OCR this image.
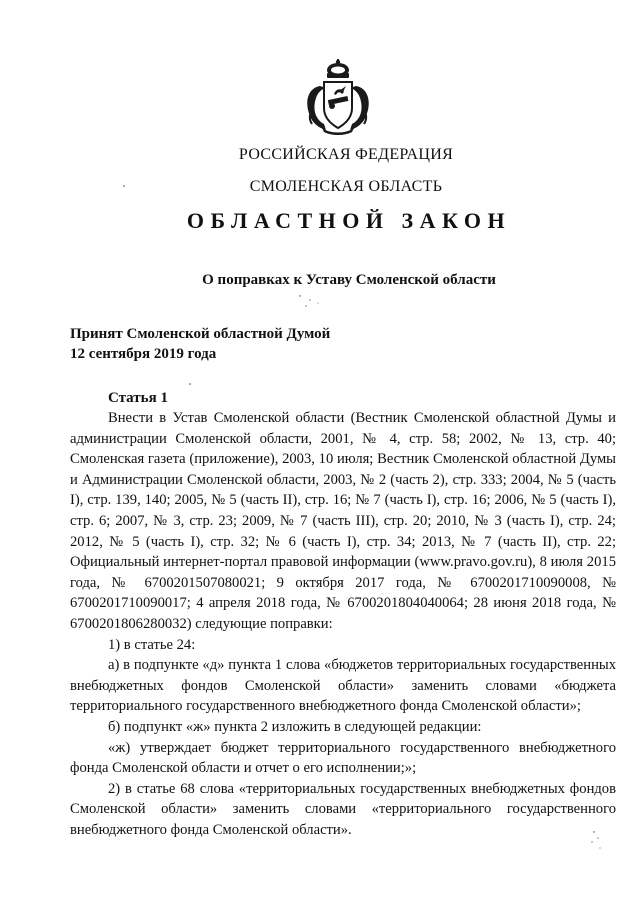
РОССИЙСКАЯ ФЕДЕРАЦИЯ
СМОЛЕНСКАЯ ОБЛАСТЬ
ОБЛАСТНОЙ ЗАКОН
О поправках к Уставу Смоленской области
Принят Смоленской областной Думой
12 сентября 2019 года
Статья 1

Внести в Устав Смоленской области (Вестник Смоленской областной Думы и администрации Смоленской области, 2001, № 4, стр. 58; 2002, № 13, стр. 40; Смоленская газета (приложение), 2003, 10 июля; Вестник Смоленской областной Думы и Администрации Смоленской области, 2003, № 2 (часть 2), стр. 333; 2004, № 5 (часть I), стр. 139, 140; 2005, № 5 (часть II), стр. 16; № 7 (часть I), стр. 16; 2006, № 5 (часть I), стр. 6; 2007, № 3, стр. 23; 2009, № 7 (часть III), стр. 20; 2010, № 3 (часть I), стр. 24; 2012, № 5 (часть I), стр. 32; № 6 (часть I), стр. 34; 2013, № 7 (часть II), стр. 22; Официальный интернет-портал правовой информации (www.pravo.gov.ru), 8 июля 2015 года, № 6700201507080021; 9 октября 2017 года, № 6700201710090008, № 6700201710090017; 4 апреля 2018 года, № 6700201804040064; 28 июня 2018 года, № 6700201806280032) следующие поправки:

1) в статье 24:

а) в подпункте «д» пункта 1 слова «бюджетов территориальных государственных внебюджетных фондов Смоленской области» заменить словами «бюджета территориального государственного внебюджетного фонда Смоленской области»;

б) подпункт «ж» пункта 2 изложить в следующей редакции:

«ж) утверждает бюджет территориального государственного внебюджетного фонда Смоленской области и отчет о его исполнении;»;

2) в статье 68 слова «территориальных государственных внебюджетных фондов Смоленской области» заменить словами «территориального государственного внебюджетного фонда Смоленской области».
